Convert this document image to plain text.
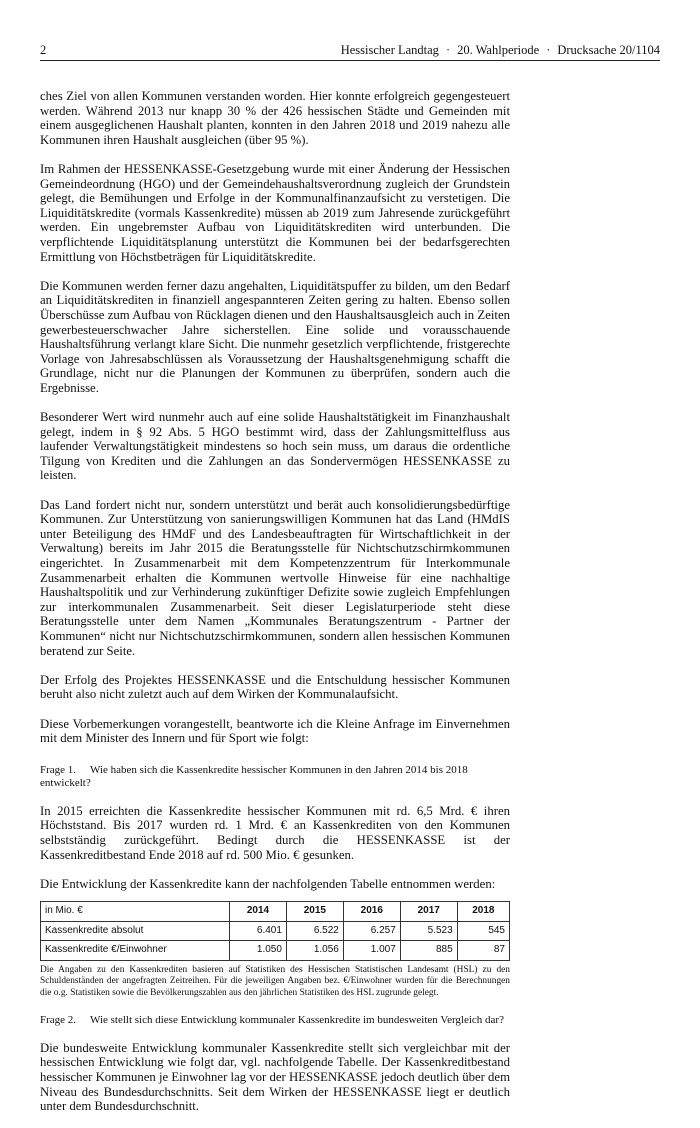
2	Hessischer Landtag · 20. Wahlperiode · Drucksache 20/1104

ches Ziel von allen Kommunen verstanden worden. Hier konnte erfolgreich gegengesteuert werden. Während 2013 nur knapp 30 % der 426 hessischen Städte und Gemeinden mit einem ausgeglichenen Haushalt planten, konnten in den Jahren 2018 und 2019 nahezu alle Kommunen ihren Haushalt ausgleichen (über 95 %).

Im Rahmen der HESSENKASSE-Gesetzgebung wurde mit einer Änderung der Hessischen Gemeindeordnung (HGO) und der Gemeindehaushaltsverordnung zugleich der Grundstein gelegt, die Bemühungen und Erfolge in der Kommunalfinanzaufsicht zu verstetigen. Die Liquiditätskredite (vormals Kassenkredite) müssen ab 2019 zum Jahresende zurückgeführt werden. Ein ungebremster Aufbau von Liquiditätskrediten wird unterbunden. Die verpflichtende Liquiditätsplanung unterstützt die Kommunen bei der bedarfsgerechten Ermittlung von Höchstbeträgen für Liquiditätskredite.

Die Kommunen werden ferner dazu angehalten, Liquiditätspuffer zu bilden, um den Bedarf an Liquiditätskrediten in finanziell angespannteren Zeiten gering zu halten. Ebenso sollen Überschüsse zum Aufbau von Rücklagen dienen und den Haushaltsausgleich auch in Zeiten gewerbesteuerschwacher Jahre sicherstellen. Eine solide und vorausschauende Haushaltsführung verlangt klare Sicht. Die nunmehr gesetzlich verpflichtende, fristgerechte Vorlage von Jahresabschlüssen als Voraussetzung der Haushaltsgenehmigung schafft die Grundlage, nicht nur die Planungen der Kommunen zu überprüfen, sondern auch die Ergebnisse.

Besonderer Wert wird nunmehr auch auf eine solide Haushaltstätigkeit im Finanzhaushalt gelegt, indem in § 92 Abs. 5 HGO bestimmt wird, dass der Zahlungsmittelfluss aus laufender Verwaltungstätigkeit mindestens so hoch sein muss, um daraus die ordentliche Tilgung von Krediten und die Zahlungen an das Sondervermögen HESSENKASSE zu leisten.

Das Land fordert nicht nur, sondern unterstützt und berät auch konsolidierungsbedürftige Kommunen. Zur Unterstützung von sanierungswilligen Kommunen hat das Land (HMdIS unter Beteiligung des HMdF und des Landesbeauftragten für Wirtschaftlichkeit in der Verwaltung) bereits im Jahr 2015 die Beratungsstelle für Nichtschutzschirmkommunen eingerichtet. In Zusammenarbeit mit dem Kompetenzzentrum für Interkommunale Zusammenarbeit erhalten die Kommunen wertvolle Hinweise für eine nachhaltige Haushaltspolitik und zur Verhinderung zukünftiger Defizite sowie zugleich Empfehlungen zur interkommunalen Zusammenarbeit. Seit dieser Legislaturperiode steht diese Beratungsstelle unter dem Namen „Kommunales Beratungszentrum - Partner der Kommunen“ nicht nur Nichtschutzschirmkommunen, sondern allen hessischen Kommunen beratend zur Seite.

Der Erfolg des Projektes HESSENKASSE und die Entschuldung hessischer Kommunen beruht also nicht zuletzt auch auf dem Wirken der Kommunalaufsicht.

Diese Vorbemerkungen vorangestellt, beantworte ich die Kleine Anfrage im Einvernehmen mit dem Minister des Innern und für Sport wie folgt:

Frage 1. Wie haben sich die Kassenkredite hessischer Kommunen in den Jahren 2014 bis 2018 entwickelt?

In 2015 erreichten die Kassenkredite hessischer Kommunen mit rd. 6,5 Mrd. € ihren Höchststand. Bis 2017 wurden rd. 1 Mrd. € an Kassenkrediten von den Kommunen selbstständig zurückgeführt. Bedingt durch die HESSENKASSE ist der Kassenkreditbestand Ende 2018 auf rd. 500 Mio. € gesunken.

Die Entwicklung der Kassenkredite kann der nachfolgenden Tabelle entnommen werden:

in Mio. €	2014	2015	2016	2017	2018
Kassenkredite absolut	6.401	6.522	6.257	5.523	545
Kassenkredite €/Einwohner	1.050	1.056	1.007	885	87

Die Angaben zu den Kassenkrediten basieren auf Statistiken des Hessischen Statistischen Landesamt (HSL) zu den Schuldenständen der angefragten Zeitreihen. Für die jeweiligen Angaben bez. €/Einwohner wurden für die Berechnungen die o.g. Statistiken sowie die Bevölkerungszahlen aus den jährlichen Statistiken des HSL zugrunde gelegt.

Frage 2. Wie stellt sich diese Entwicklung kommunaler Kassenkredite im bundesweiten Vergleich dar?

Die bundesweite Entwicklung kommunaler Kassenkredite stellt sich vergleichbar mit der hessischen Entwicklung wie folgt dar, vgl. nachfolgende Tabelle. Der Kassenkreditbestand hessischer Kommunen je Einwohner lag vor der HESSENKASSE jedoch deutlich über dem Niveau des Bundesdurchschnitts. Seit dem Wirken der HESSENKASSE liegt er deutlich unter dem Bundesdurchschnitt.
